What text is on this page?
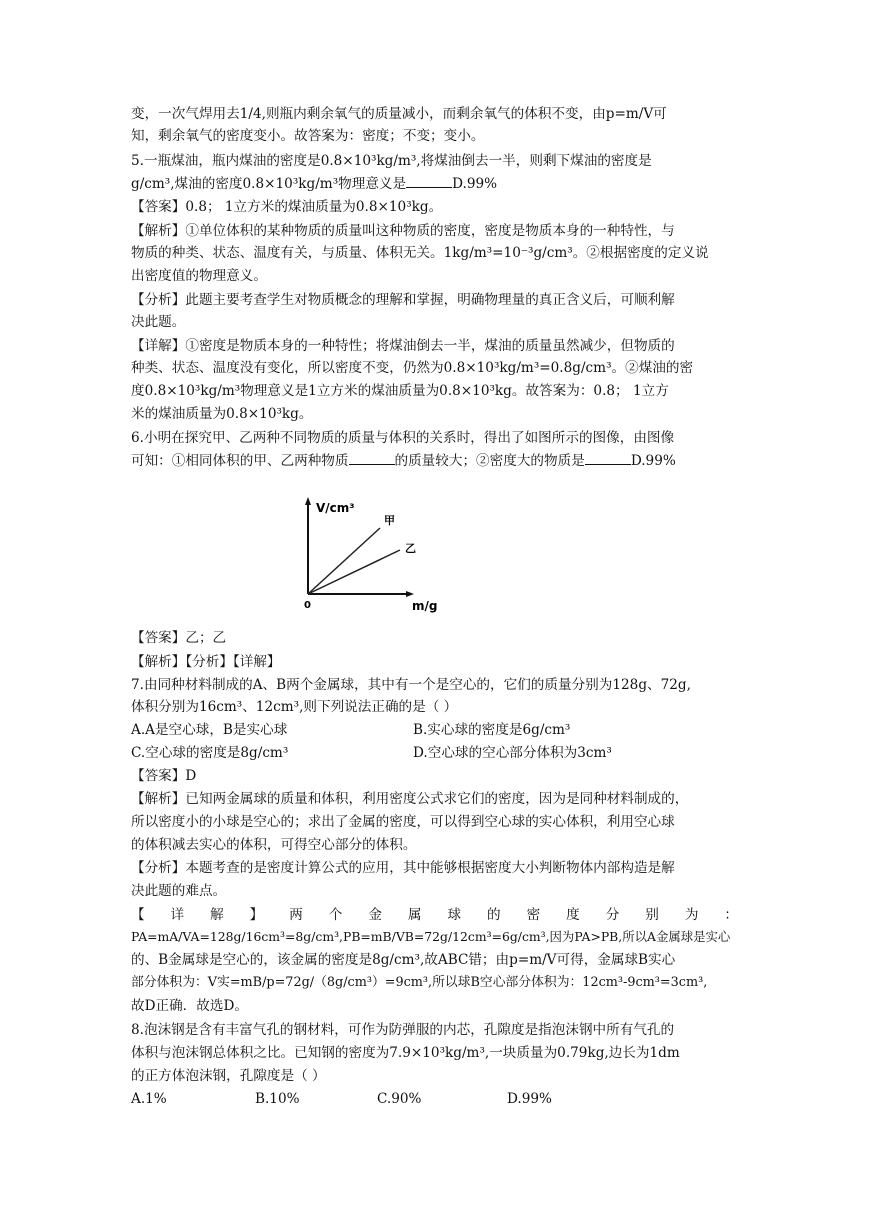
变，一次气焊用去1/4,则瓶内剩余氧气的质量减小，而剩余氧气的体积不变，由p=m/V可
知，剩余氧气的密度变小。故答案为：密度；不变；变小。
5.一瓶煤油，瓶内煤油的密度是0.8×10³kg/m³,将煤油倒去一半，则剩下煤油的密度是
g/cm³,煤油的密度0.8×10³kg/m³物理意义是	D.99%
【答案】0.8； 1立方米的煤油质量为0.8×10³kg。
【解析】①单位体积的某种物质的质量叫这种物质的密度，密度是物质本身的一种特性，与
物质的种类、状态、温度有关，与质量、体积无关。1kg/m³=10⁻³g/cm³。②根据密度的定义说
出密度值的物理意义。
【分析】此题主要考查学生对物质概念的理解和掌握，明确物理量的真正含义后，可顺利解
决此题。
【详解】①密度是物质本身的一种特性；将煤油倒去一半，煤油的质量虽然减少，但物质的
种类、状态、温度没有变化，所以密度不变，仍然为0.8×10³kg/m³=0.8g/cm³。②煤油的密
度0.8×10³kg/m³物理意义是1立方米的煤油质量为0.8×10³kg。故答案为：0.8； 1立方
米的煤油质量为0.8×10³kg。
6.小明在探究甲、乙两种不同物质的质量与体积的关系时，得出了如图所示的图像，由图像
可知：①相同体积的甲、乙两种物质	的质量较大；②密度大的物质是	D.99%
V/cm³
甲
乙
0	m/g
【答案】乙；乙
【解析】【分析】【详解】
7.由同种材料制成的A、B两个金属球，其中有一个是空心的，它们的质量分别为128g、72g,
体积分别为16cm³、12cm³,则下列说法正确的是（ ）
A.A是空心球，B是实心球	B.实心球的密度是6g/cm³
C.空心球的密度是8g/cm³	D.空心球的空心部分体积为3cm³
【答案】D
【解析】已知两金属球的质量和体积，利用密度公式求它们的密度，因为是同种材料制成的，
所以密度小的小球是空心的；求出了金属的密度，可以得到空心球的实心体积，利用空心球
的体积减去实心的体积，可得空心部分的体积。
【分析】本题考查的是密度计算公式的应用，其中能够根据密度大小判断物体内部构造是解
决此题的难点。
【 详 解 】 两 个 金 属 球 的 密 度 分 别 为 ：
PA=mA/VA=128g/16cm³=8g/cm³,PB=mB/VB=72g/12cm³=6g/cm³,因为PA>PB,所以A金属球是实心
的、B金属球是空心的，该金属的密度是8g/cm³,故ABC错；由p=m/V可得，金属球B实心
部分体积为：V实=mB/p=72g/（8g/cm³）=9cm³,所以球B空心部分体积为：12cm³-9cm³=3cm³,
故D正确．故选D。
8.泡沫钢是含有丰富气孔的钢材料，可作为防弹服的内芯，孔隙度是指泡沫钢中所有气孔的
体积与泡沫钢总体积之比。已知钢的密度为7.9×10³kg/m³,一块质量为0.79kg,边长为1dm
的正方体泡沫钢，孔隙度是（ ）
A.1%	B.10%	C.90%	D.99%
